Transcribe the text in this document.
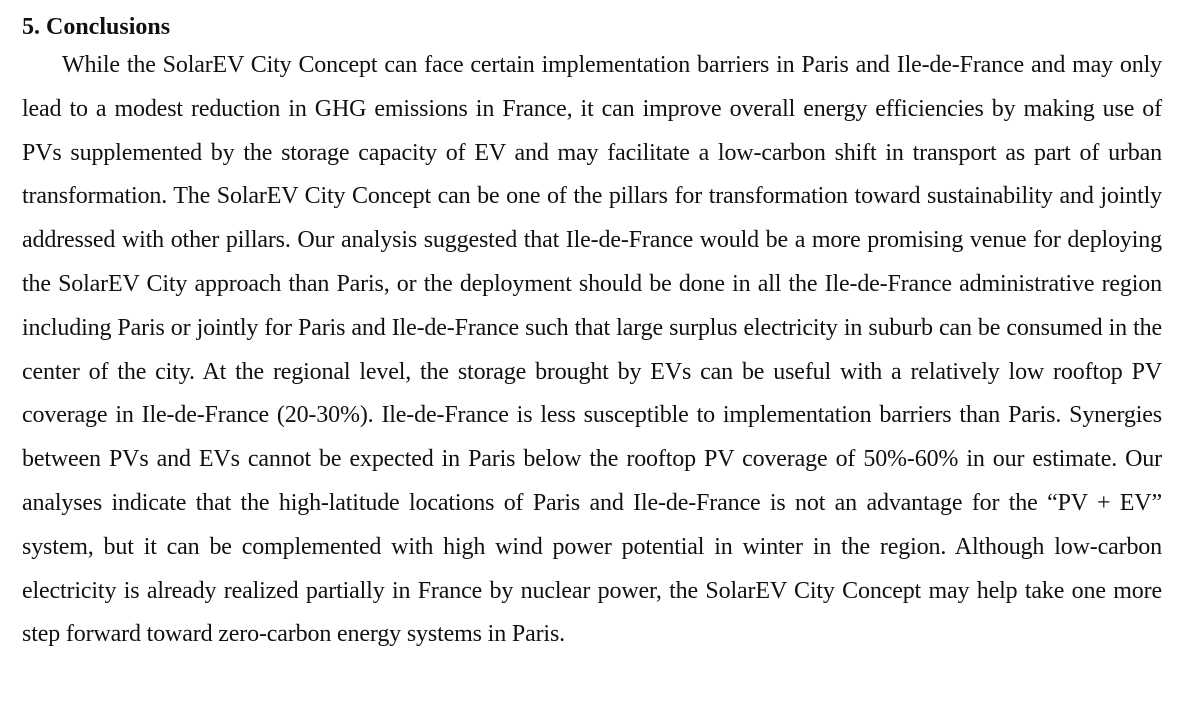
5. Conclusions

While the SolarEV City Concept can face certain implementation barriers in Paris and Ile-de-France and may only lead to a modest reduction in GHG emissions in France, it can improve overall energy efficiencies by making use of PVs supplemented by the storage capacity of EV and may facilitate a low-carbon shift in transport as part of urban transformation. The SolarEV City Concept can be one of the pillars for transformation toward sustainability and jointly addressed with other pillars. Our analysis suggested that Ile-de-France would be a more promising venue for deploying the SolarEV City approach than Paris, or the deployment should be done in all the Ile-de-France administrative region including Paris or jointly for Paris and Ile-de-France such that large surplus electricity in suburb can be consumed in the center of the city. At the regional level, the storage brought by EVs can be useful with a relatively low rooftop PV coverage in Ile-de-France (20-30%). Ile-de-France is less susceptible to implementation barriers than Paris. Synergies between PVs and EVs cannot be expected in Paris below the rooftop PV coverage of 50%-60% in our estimate. Our analyses indicate that the high-latitude locations of Paris and Ile-de-France is not an advantage for the “PV + EV” system, but it can be complemented with high wind power potential in winter in the region. Although low-carbon electricity is already realized partially in France by nuclear power, the SolarEV City Concept may help take one more step forward toward zero-carbon energy systems in Paris.
